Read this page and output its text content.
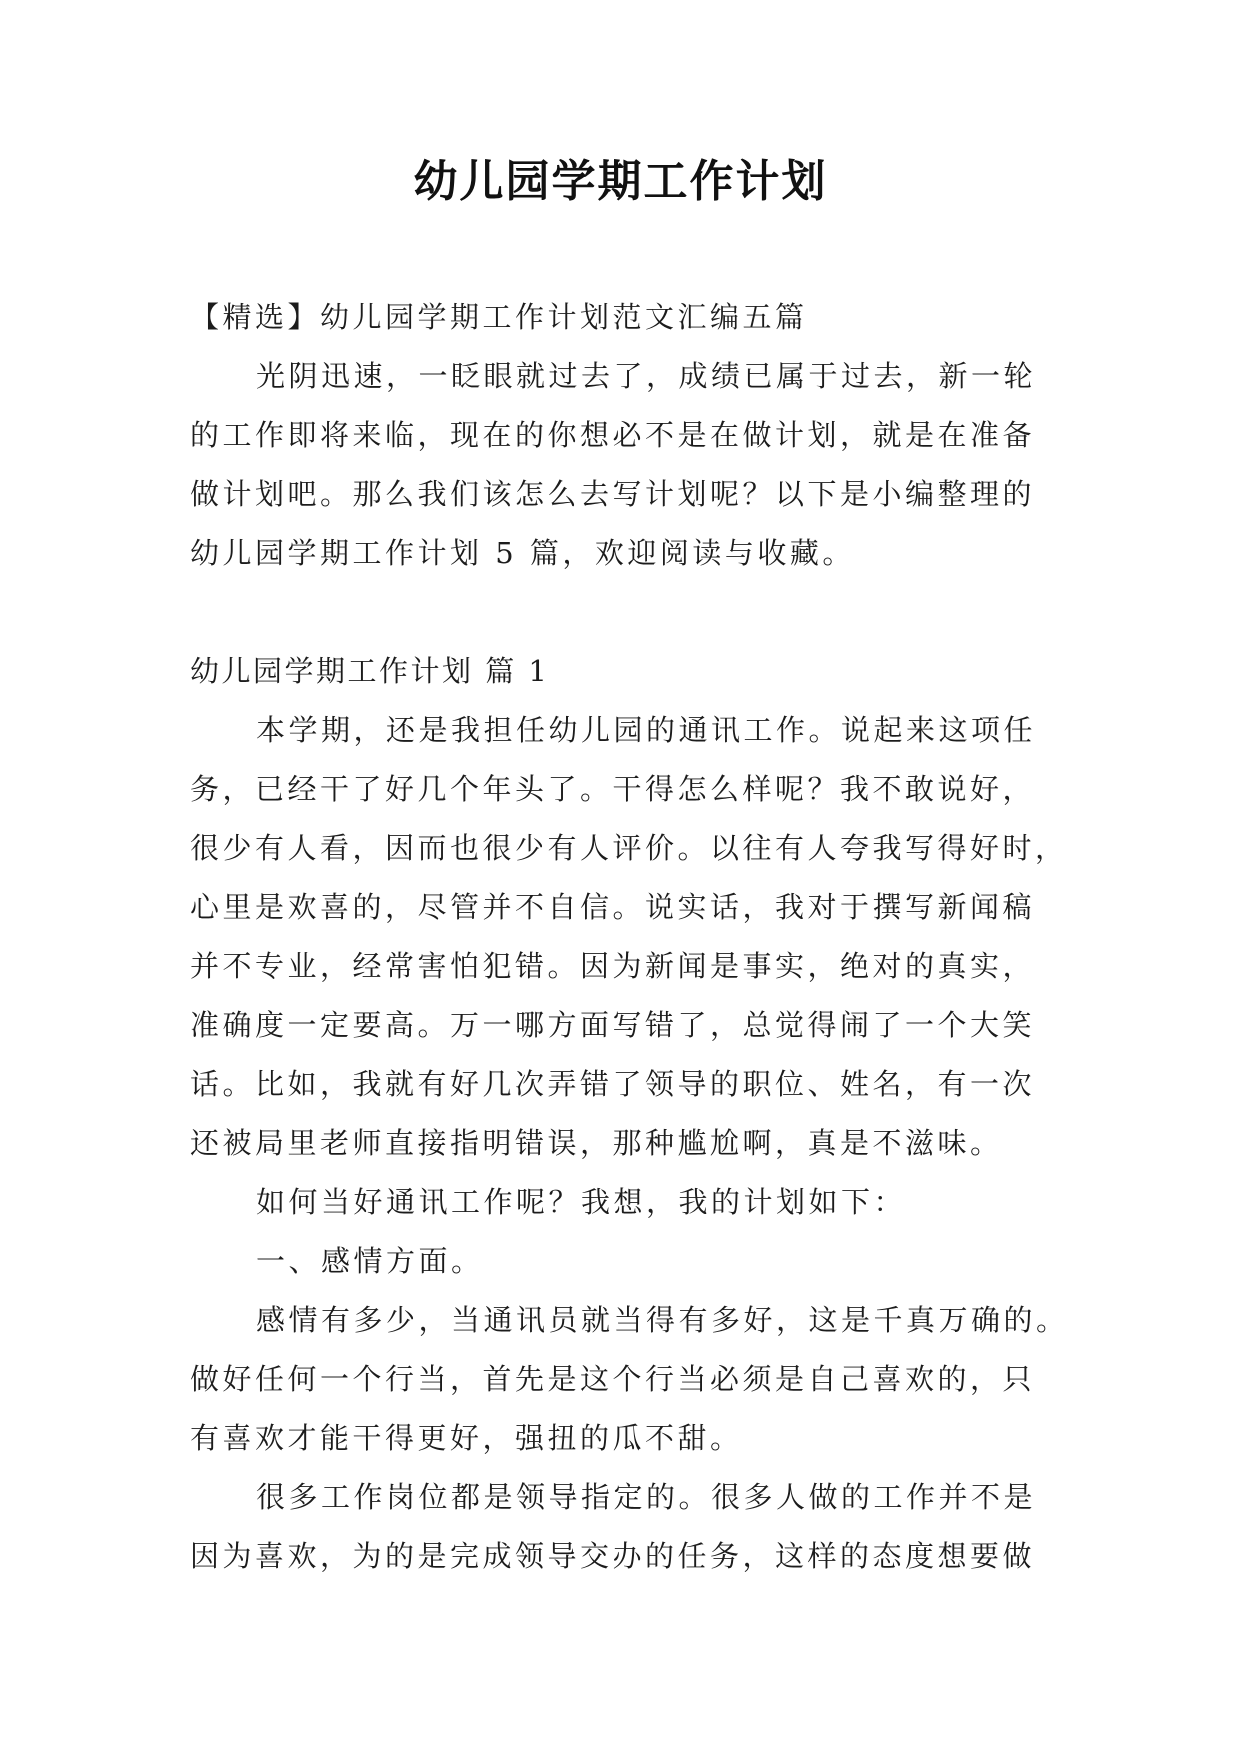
幼儿园学期工作计划
【精选】幼儿园学期工作计划范文汇编五篇
光阴迅速，一眨眼就过去了，成绩已属于过去，新一轮
的工作即将来临，现在的你想必不是在做计划，就是在准备
做计划吧。那么我们该怎么去写计划呢？以下是小编整理的
幼儿园学期工作计划 5 篇，欢迎阅读与收藏。
幼儿园学期工作计划 篇 1
本学期，还是我担任幼儿园的通讯工作。说起来这项任
务，已经干了好几个年头了。干得怎么样呢？我不敢说好，
很少有人看，因而也很少有人评价。以往有人夸我写得好时，
心里是欢喜的，尽管并不自信。说实话，我对于撰写新闻稿
并不专业，经常害怕犯错。因为新闻是事实，绝对的真实，
准确度一定要高。万一哪方面写错了，总觉得闹了一个大笑
话。比如，我就有好几次弄错了领导的职位、姓名，有一次
还被局里老师直接指明错误，那种尴尬啊，真是不滋味。
如何当好通讯工作呢？我想，我的计划如下：
一、感情方面。
感情有多少，当通讯员就当得有多好，这是千真万确的。
做好任何一个行当，首先是这个行当必须是自己喜欢的，只
有喜欢才能干得更好，强扭的瓜不甜。
很多工作岗位都是领导指定的。很多人做的工作并不是
因为喜欢，为的是完成领导交办的任务，这样的态度想要做
